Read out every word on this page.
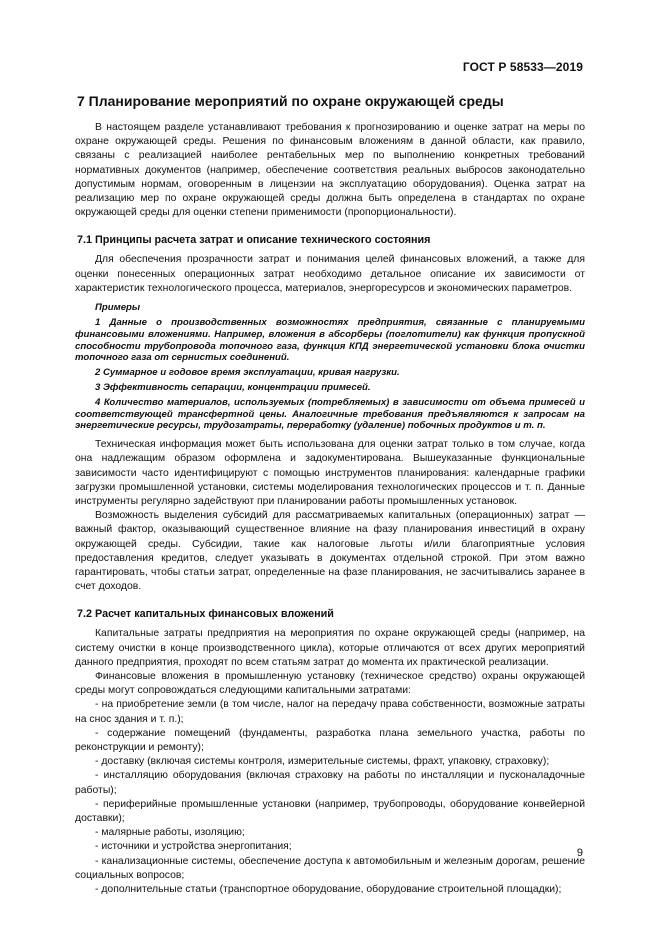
ГОСТ Р 58533—2019
7 Планирование мероприятий по охране окружающей среды

В настоящем разделе устанавливают требования к прогнозированию и оценке затрат на меры по охране окружающей среды. Решения по финансовым вложениям в данной области, как правило, связаны с реализацией наиболее рентабельных мер по выполнению конкретных требований нормативных документов (например, обеспечение соответствия реальных выбросов законодательно допустимым нормам, оговоренным в лицензии на эксплуатацию оборудования). Оценка затрат на реализацию мер по охране окружающей среды должна быть определена в стандартах по охране окружающей среды для оценки степени применимости (пропорциональности).

7.1 Принципы расчета затрат и описание технического состояния

Для обеспечения прозрачности затрат и понимания целей финансовых вложений, а также для оценки понесенных операционных затрат необходимо детальное описание их зависимости от характеристик технологического процесса, материалов, энергоресурсов и экономических параметров.

Примеры

1 Данные о производственных возможностях предприятия, связанные с планируемыми финансовыми вложениями. Например, вложения в абсорберы (поглотители) как функция пропускной способности трубопровода топочного газа, функция КПД энергетической установки блока очистки топочного газа от сернистых соединений.

2 Суммарное и годовое время эксплуатации, кривая нагрузки.

3 Эффективность сепарации, концентрации примесей.

4 Количество материалов, используемых (потребляемых) в зависимости от объема примесей и соответствующей трансфертной цены. Аналогичные требования предъявляются к запросам на энергетические ресурсы, трудозатраты, переработку (удаление) побочных продуктов и т. п.

Техническая информация может быть использована для оценки затрат только в том случае, когда она надлежащим образом оформлена и задокументирована. Вышеуказанные функциональные зависимости часто идентифицируют с помощью инструментов планирования: календарные графики загрузки промышленной установки, системы моделирования технологических процессов и т. п. Данные инструменты регулярно задействуют при планировании работы промышленных установок.

Возможность выделения субсидий для рассматриваемых капитальных (операционных) затрат — важный фактор, оказывающий существенное влияние на фазу планирования инвестиций в охрану окружающей среды. Субсидии, такие как налоговые льготы и/или благоприятные условия предоставления кредитов, следует указывать в документах отдельной строкой. При этом важно гарантировать, чтобы статьи затрат, определенные на фазе планирования, не засчитывались заранее в счет доходов.

7.2 Расчет капитальных финансовых вложений

Капитальные затраты предприятия на мероприятия по охране окружающей среды (например, на систему очистки в конце производственного цикла), которые отличаются от всех других мероприятий данного предприятия, проходят по всем статьям затрат до момента их практической реализации.

Финансовые вложения в промышленную установку (техническое средство) охраны окружающей среды могут сопровождаться следующими капитальными затратами:

- на приобретение земли (в том числе, налог на передачу права собственности, возможные затраты на снос здания и т. п.);

- содержание помещений (фундаменты, разработка плана земельного участка, работы по реконструкции и ремонту);

- доставку (включая системы контроля, измерительные системы, фрахт, упаковку, страховку);

- инсталляцию оборудования (включая страховку на работы по инсталляции и пусконаладочные работы);

- периферийные промышленные установки (например, трубопроводы, оборудование конвейерной доставки);

- малярные работы, изоляцию;

- источники и устройства энергопитания;

- канализационные системы, обеспечение доступа к автомобильным и железным дорогам, решение социальных вопросов;

- дополнительные статьи (транспортное оборудование, оборудование строительной площадки);

9
